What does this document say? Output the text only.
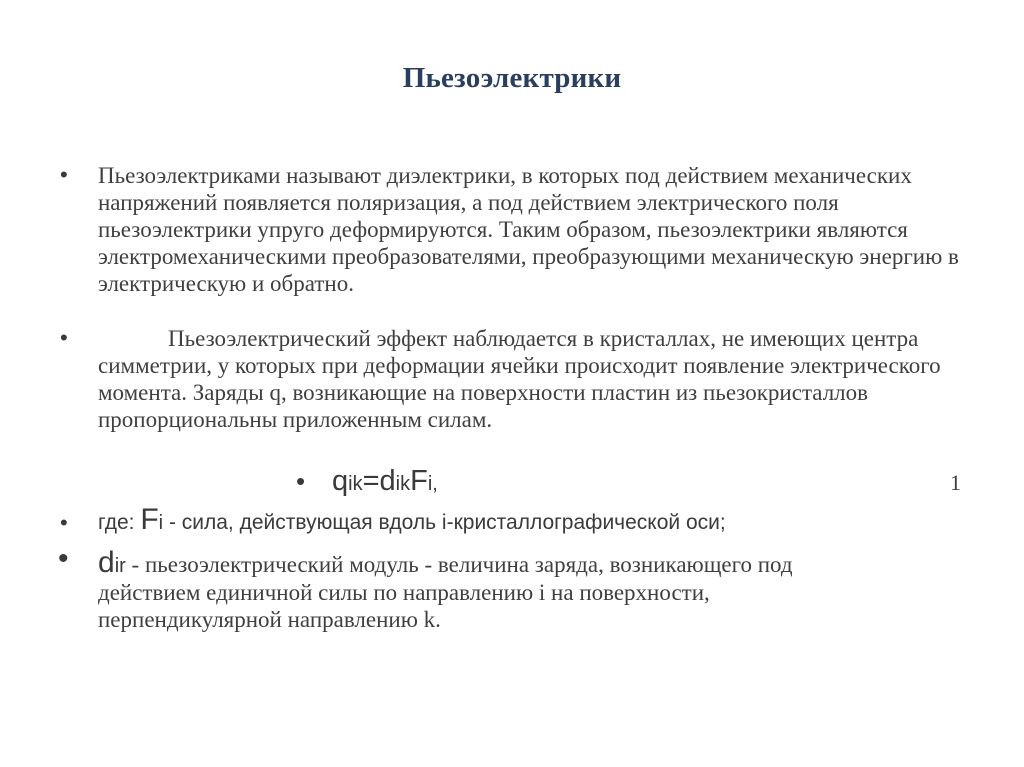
Пьезоэлектрики
• Пьезоэлектриками называют диэлектрики, в которых под действием механических напряжений появляется поляризация, а под действием электрического поля пьезоэлектрики упруго деформируются. Таким образом, пьезоэлектрики являются электромеханическими преобразователями, преобразующими механическую энергию в электрическую и обратно.
•	Пьезоэлектрический эффект наблюдается в кристаллах, не имеющих центра симметрии, у которых при деформации ячейки происходит появление электрического момента. Заряды q, возникающие на поверхности пластин из пьезокристаллов пропорциональны приложенным силам.
• qik=dikFi,	1
• где: Fi - сила, действующая вдоль i-кристаллографической оси;
• dir - пьезоэлектрический модуль - величина заряда, возникающего под
действием единичной силы по направлению i на поверхности,
перпендикулярной направлению k.
